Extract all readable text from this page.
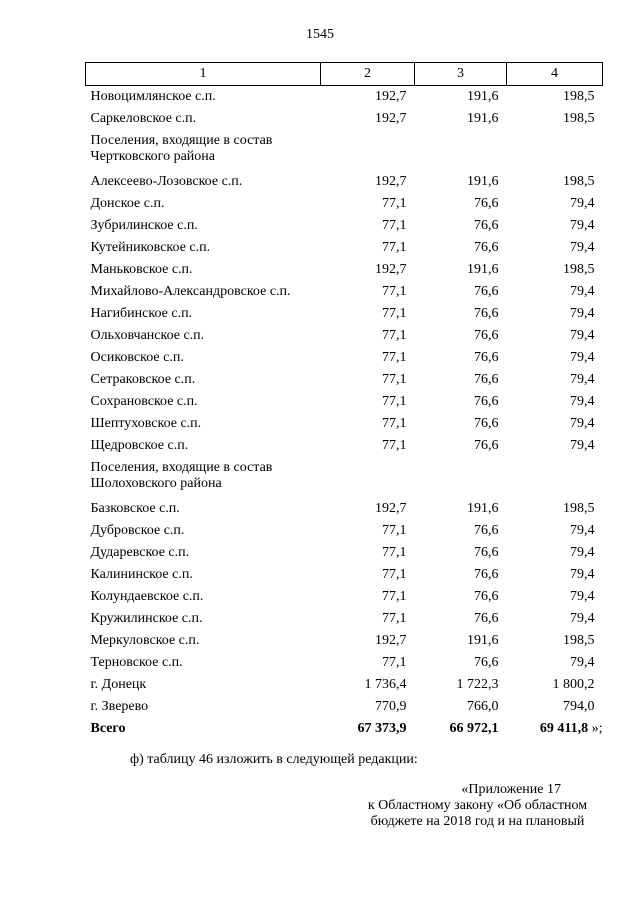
1545
1	2	3	4
Новоцимлянское с.п.	192,7	191,6	198,5
Саркеловское с.п.	192,7	191,6	198,5
Поселения, входящие в состав
Чертковского района			
Алексеево-Лозовское с.п.	192,7	191,6	198,5
Донское с.п.	77,1	76,6	79,4
Зубрилинское с.п.	77,1	76,6	79,4
Кутейниковское с.п.	77,1	76,6	79,4
Маньковское с.п.	192,7	191,6	198,5
Михайлово-Александровское с.п.	77,1	76,6	79,4
Нагибинское с.п.	77,1	76,6	79,4
Ольховчанское с.п.	77,1	76,6	79,4
Осиковское с.п.	77,1	76,6	79,4
Сетраковское с.п.	77,1	76,6	79,4
Сохрановское с.п.	77,1	76,6	79,4
Шептуховское с.п.	77,1	76,6	79,4
Щедровское с.п.	77,1	76,6	79,4
Поселения, входящие в состав
Шолоховского района			
Базковское с.п.	192,7	191,6	198,5
Дубровское с.п.	77,1	76,6	79,4
Дударевское с.п.	77,1	76,6	79,4
Калининское с.п.	77,1	76,6	79,4
Колундаевское с.п.	77,1	76,6	79,4
Кружилинское с.п.	77,1	76,6	79,4
Меркуловское с.п.	192,7	191,6	198,5
Терновское с.п.	77,1	76,6	79,4
г. Донецк	1 736,4	1 722,3	1 800,2
г. Зверево	770,9	766,0	794,0
Всего	67 373,9	66 972,1	69 411,8 »;
ф) таблицу 46 изложить в следующей редакции:
«Приложение 17
к Областному закону «Об областном
бюджете на 2018 год и на плановый
